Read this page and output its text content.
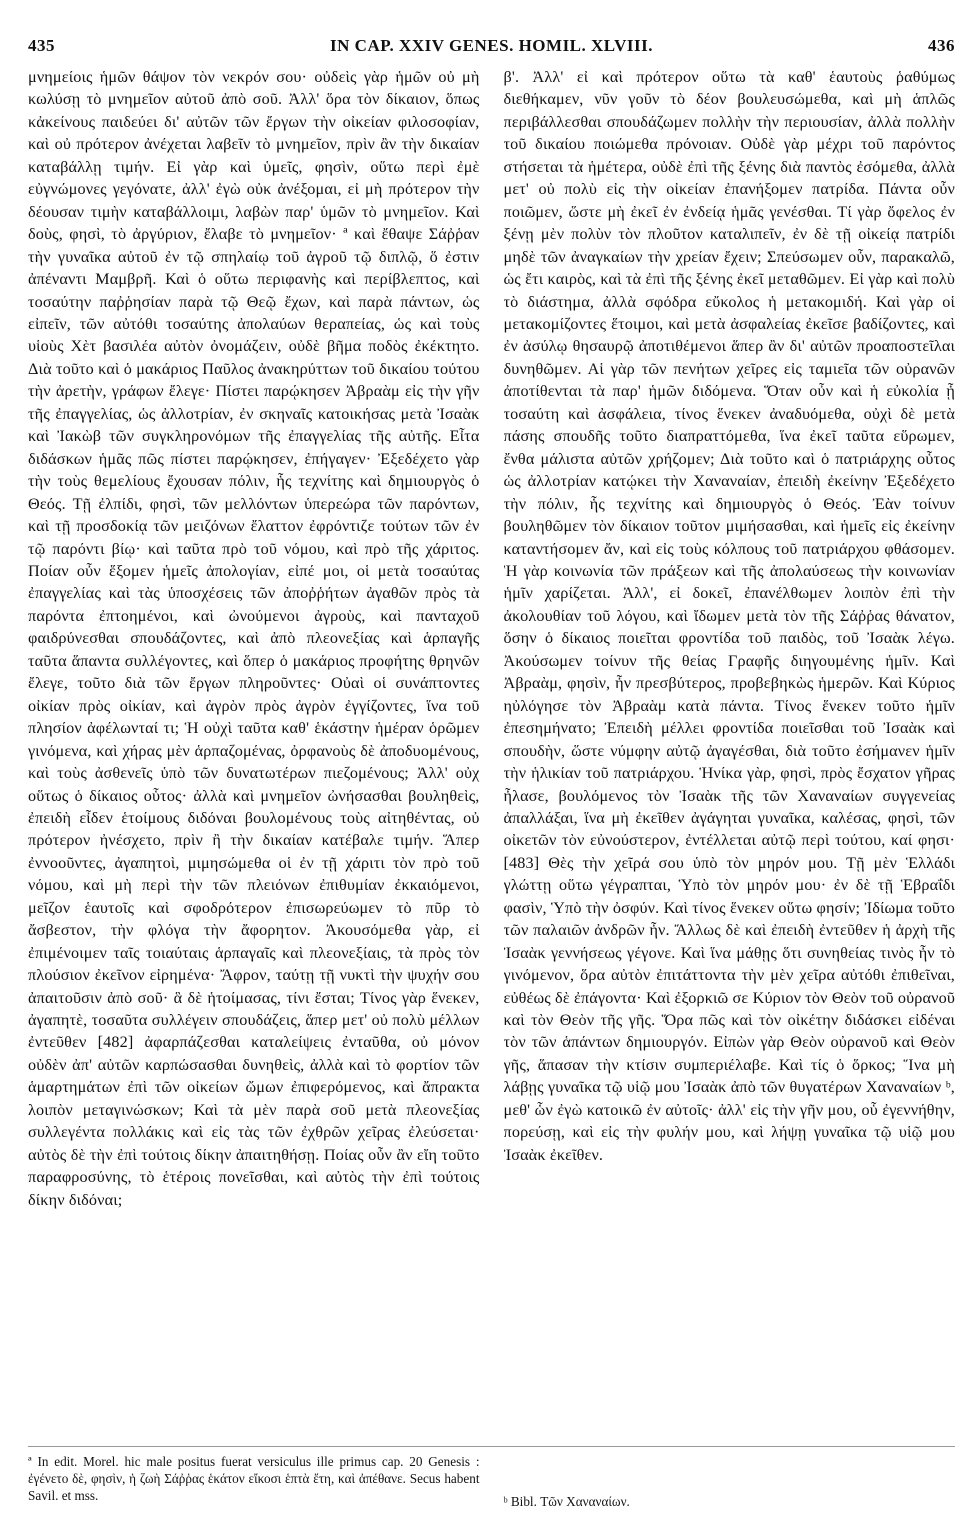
435	IN CAP. XXIV GENES. HOMIL. XLVIII.	436

μνημείοις ἡμῶν θάψον τὸν νεκρόν σου· οὐδεὶς γὰρ ἡμῶν οὐ μὴ κωλύσῃ τὸ μνημεῖον αὐτοῦ ἀπὸ σοῦ. Ἀλλ' ὅρα τὸν δίκαιον, ὅπως κἀκείνους παιδεύει δι' αὐτῶν τῶν ἔργων τὴν οἰκείαν φιλοσοφίαν, καὶ οὐ πρότερον ἀνέχεται λαβεῖν τὸ μνημεῖον, πρὶν ἂν τὴν δικαίαν καταβάλλῃ τιμήν. Εἰ γὰρ καὶ ὑμεῖς, φησὶν, οὕτω περὶ ἐμὲ εὐγνώμονες γεγόνατε, ἀλλ' ἐγὼ οὐκ ἀνέξομαι, εἰ μὴ πρότερον τὴν δέουσαν τιμὴν καταβάλλοιμι, λαβὼν παρ' ὑμῶν τὸ μνημεῖον. Καὶ δοὺς, φησὶ, τὸ ἀργύριον, ἔλαβε τὸ μνημεῖον· ª καὶ ἔθαψε Σάῤῥαν τὴν γυναῖκα αὐτοῦ ἐν τῷ σπηλαίῳ τοῦ ἀγροῦ τῷ διπλῷ, ὅ ἐστιν ἀπέναντι Μαμβρῆ. Καὶ ὁ οὕτω περιφανὴς καὶ περίβλεπτος, καὶ τοσαύτην παῤῥησίαν παρὰ τῷ Θεῷ ἔχων, καὶ παρὰ πάντων, ὡς εἰπεῖν, τῶν αὐτόθι τοσαύτης ἀπολαύων θεραπείας, ὡς καὶ τοὺς υἱοὺς Χὲτ βασιλέα αὐτὸν ὀνομάζειν, οὐδὲ βῆμα ποδὸς ἐκέκτητο. Διὰ τοῦτο καὶ ὁ μακάριος Παῦλος ἀνακηρύττων τοῦ δικαίου τούτου τὴν ἀρετὴν, γράφων ἔλεγε· Πίστει παρῴκησεν Ἀβραὰμ εἰς τὴν γῆν τῆς ἐπαγγελίας, ὡς ἀλλοτρίαν, ἐν σκηναῖς κατοικήσας μετὰ Ἰσαὰκ καὶ Ἰακὼβ τῶν συγκληρονόμων τῆς ἐπαγγελίας τῆς αὐτῆς. Εἶτα διδάσκων ἡμᾶς πῶς πίστει παρῴκησεν, ἐπήγαγεν· Ἐξεδέχετο γὰρ τὴν τοὺς θεμελίους ἔχουσαν πόλιν, ἧς τεχνίτης καὶ δημιουργὸς ὁ Θεός. Τῇ ἐλπίδι, φησὶ, τῶν μελλόντων ὑπερεώρα τῶν παρόντων, καὶ τῇ προσδοκίᾳ τῶν μειζόνων ἔλαττον ἐφρόντιζε τούτων τῶν ἐν τῷ παρόντι βίῳ· καὶ ταῦτα πρὸ τοῦ νόμου, καὶ πρὸ τῆς χάριτος. Ποίαν οὖν ἕξομεν ἡμεῖς ἀπολογίαν, εἰπέ μοι, οἱ μετὰ τοσαύτας ἐπαγγελίας καὶ τὰς ὑποσχέσεις τῶν ἀποῤῥήτων ἀγαθῶν πρὸς τὰ παρόντα ἐπτοημένοι, καὶ ὠνούμενοι ἀγροὺς, καὶ πανταχοῦ φαιδρύνεσθαι σπουδάζοντες, καὶ ἀπὸ πλεονεξίας καὶ ἁρπαγῆς ταῦτα ἅπαντα συλλέγοντες, καὶ ὅπερ ὁ μακάριος προφήτης θρηνῶν ἔλεγε, τοῦτο διὰ τῶν ἔργων πληροῦντες· Οὐαὶ οἱ συνάπτοντες οἰκίαν πρὸς οἰκίαν, καὶ ἀγρὸν πρὸς ἀγρὸν ἐγγίζοντες, ἵνα τοῦ πλησίον ἀφέλωνταί τι; Ἡ οὐχὶ ταῦτα καθ' ἑκάστην ἡμέραν ὁρῶμεν γινόμενα, καὶ χήρας μὲν ἁρπαζομένας, ὀρφανοὺς δὲ ἀποδυομένους, καὶ τοὺς ἀσθενεῖς ὑπὸ τῶν δυνατωτέρων πιεζομένους; Ἀλλ' οὐχ οὕτως ὁ δίκαιος οὗτος· ἀλλὰ καὶ μνημεῖον ὠνήσασθαι βουληθεὶς, ἐπειδὴ εἶδεν ἑτοίμους διδόναι βουλομένους τοὺς αἰτηθέντας, οὐ πρότερον ἠνέσχετο, πρὶν ἢ τὴν δικαίαν κατέβαλε τιμήν. Ἅπερ ἐννοοῦντες, ἀγαπητοὶ, μιμησώμεθα οἱ ἐν τῇ χάριτι τὸν πρὸ τοῦ νόμου, καὶ μὴ περὶ τὴν τῶν πλειόνων ἐπιθυμίαν ἐκκαιόμενοι, μεῖζον ἑαυτοῖς καὶ σφοδρότερον ἐπισωρεύωμεν τὸ πῦρ τὸ ἄσβεστον, τὴν φλόγα τὴν ἄφορητον. Ἀκουσόμεθα γὰρ, εἰ ἐπιμένοιμεν ταῖς τοιαύταις ἁρπαγαῖς καὶ πλεονεξίαις, τὰ πρὸς τὸν πλούσιον ἐκεῖνον εἰρημένα· Ἄφρον, ταύτῃ τῇ νυκτὶ τὴν ψυχήν σου ἀπαιτοῦσιν ἀπὸ σοῦ· ἃ δὲ ἡτοίμασας, τίνι ἔσται; Τίνος γὰρ ἕνεκεν, ἀγαπητὲ, τοσαῦτα συλλέγειν σπουδάζεις, ἅπερ μετ' οὐ πολὺ μέλλων ἐντεῦθεν [482] ἀφαρπάζεσθαι καταλείψεις ἐνταῦθα, οὐ μόνον οὐδὲν ἀπ' αὐτῶν καρπώσασθαι δυνηθεὶς, ἀλλὰ καὶ τὸ φορτίον τῶν ἁμαρτημάτων ἐπὶ τῶν οἰκείων ὤμων ἐπιφερόμενος, καὶ ἄπρακτα λοιπὸν μεταγινώσκων; Καὶ τὰ μὲν παρὰ σοῦ μετὰ πλεονεξίας συλλεγέντα πολλάκις καὶ εἰς τὰς τῶν ἐχθρῶν χεῖρας ἐλεύσεται· αὐτὸς δὲ τὴν ἐπὶ τούτοις δίκην ἀπαιτηθήσῃ. Ποίας οὖν ἂν εἴη τοῦτο παραφροσύνης, τὸ ἑτέροις πονεῖσθαι, καὶ αὐτὸς τὴν ἐπὶ τούτοις δίκην διδόναι;

β'. Ἀλλ' εἰ καὶ πρότερον οὕτω τὰ καθ' ἑαυτοὺς ῥαθύμως διεθήκαμεν, νῦν γοῦν τὸ δέον βουλευσώμεθα, καὶ μὴ ἁπλῶς περιβάλλεσθαι σπουδάζωμεν πολλὴν τὴν περιουσίαν, ἀλλὰ πολλὴν τοῦ δικαίου ποιώμεθα πρόνοιαν. Οὐδὲ γὰρ μέχρι τοῦ παρόντος στήσεται τὰ ἡμέτερα, οὐδὲ ἐπὶ τῆς ξένης διὰ παντὸς ἐσόμεθα, ἀλλὰ μετ' οὐ πολὺ εἰς τὴν οἰκείαν ἐπανήξομεν πατρίδα. Πάντα οὖν ποιῶμεν, ὥστε μὴ ἐκεῖ ἐν ἐνδείᾳ ἡμᾶς γενέσθαι. Τί γὰρ ὄφελος ἐν ξένῃ μὲν πολὺν τὸν πλοῦτον καταλιπεῖν, ἐν δὲ τῇ οἰκείᾳ πατρίδι μηδὲ τῶν ἀναγκαίων τὴν χρείαν ἔχειν; Σπεύσωμεν οὖν, παρακαλῶ, ὡς ἔτι καιρὸς, καὶ τὰ ἐπὶ τῆς ξένης ἐκεῖ μεταθῶμεν. Εἰ γὰρ καὶ πολὺ τὸ διάστημα, ἀλλὰ σφόδρα εὔκολος ἡ μετακομιδή. Καὶ γὰρ οἱ μετακομίζοντες ἕτοιμοι, καὶ μετὰ ἀσφαλείας ἐκεῖσε βαδίζοντες, καὶ ἐν ἀσύλῳ θησαυρῷ ἀποτιθέμενοι ἅπερ ἂν δι' αὐτῶν προαποστεῖλαι δυνηθῶμεν. Αἱ γὰρ τῶν πενήτων χεῖρες εἰς ταμιεῖα τῶν οὐρανῶν ἀποτίθενται τὰ παρ' ἡμῶν διδόμενα. Ὅταν οὖν καὶ ἡ εὐκολία ᾖ τοσαύτη καὶ ἀσφάλεια, τίνος ἕνεκεν ἀναδυόμεθα, οὐχὶ δὲ μετὰ πάσης σπουδῆς τοῦτο διαπραττόμεθα, ἵνα ἐκεῖ ταῦτα εὕρωμεν, ἔνθα μάλιστα αὐτῶν χρήζομεν; Διὰ τοῦτο καὶ ὁ πατριάρχης οὗτος ὡς ἀλλοτρίαν κατῴκει τὴν Χαναναίαν, ἐπειδὴ ἐκείνην Ἐξεδέχετο τὴν πόλιν, ἧς τεχνίτης καὶ δημιουργὸς ὁ Θεός. Ἐὰν τοίνυν βουληθῶμεν τὸν δίκαιον τοῦτον μιμήσασθαι, καὶ ἡμεῖς εἰς ἐκείνην καταντήσομεν ἄν, καὶ εἰς τοὺς κόλπους τοῦ πατριάρχου φθάσομεν. Ἡ γὰρ κοινωνία τῶν πράξεων καὶ τῆς ἀπολαύσεως τὴν κοινωνίαν ἡμῖν χαρίζεται. Ἀλλ', εἰ δοκεῖ, ἐπανέλθωμεν λοιπὸν ἐπὶ τὴν ἀκολουθίαν τοῦ λόγου, καὶ ἴδωμεν μετὰ τὸν τῆς Σάῤῥας θάνατον, ὅσην ὁ δίκαιος ποιεῖται φροντίδα τοῦ παιδὸς, τοῦ Ἰσαὰκ λέγω. Ἀκούσωμεν τοίνυν τῆς θείας Γραφῆς διηγουμένης ἡμῖν. Καὶ Ἀβραὰμ, φησὶν, ἦν πρεσβύτερος, προβεβηκὼς ἡμερῶν. Καὶ Κύριος ηὐλόγησε τὸν Ἀβραὰμ κατὰ πάντα. Τίνος ἕνεκεν τοῦτο ἡμῖν ἐπεσημήνατο; Ἐπειδὴ μέλλει φροντίδα ποιεῖσθαι τοῦ Ἰσαὰκ καὶ σπουδὴν, ὥστε νύμφην αὐτῷ ἀγαγέσθαι, διὰ τοῦτο ἐσήμανεν ἡμῖν τὴν ἡλικίαν τοῦ πατριάρχου. Ἡνίκα γὰρ, φησὶ, πρὸς ἔσχατον γῆρας ἦλασε, βουλόμενος τὸν Ἰσαὰκ τῆς τῶν Χαναναίων συγγενείας ἀπαλλάξαι, ἵνα μὴ ἐκεῖθεν ἀγάγηται γυναῖκα, καλέσας, φησὶ, τῶν οἰκετῶν τὸν εὐνούστερον, ἐντέλλεται αὐτῷ περὶ τούτου, καί φησι· [483] Θὲς τὴν χεῖρά σου ὑπὸ τὸν μηρόν μου. Τῇ μὲν Ἑλλάδι γλώττῃ οὕτω γέγραπται, Ὑπὸ τὸν μηρόν μου· ἐν δὲ τῇ Ἑβραΐδι φασὶν, Ὑπὸ τὴν ὀσφύν. Καὶ τίνος ἕνεκεν οὕτω φησίν; Ἰδίωμα τοῦτο τῶν παλαιῶν ἀνδρῶν ἦν. Ἄλλως δὲ καὶ ἐπειδὴ ἐντεῦθεν ἡ ἀρχὴ τῆς Ἰσαὰκ γεννήσεως γέγονε. Καὶ ἵνα μάθῃς ὅτι συνηθείας τινὸς ἦν τὸ γινόμενον, ὅρα αὐτὸν ἐπιτάττοντα τὴν μὲν χεῖρα αὐτόθι ἐπιθεῖναι, εὐθέως δὲ ἐπάγοντα· Καὶ ἐξορκιῶ σε Κύριον τὸν Θεὸν τοῦ οὐρανοῦ καὶ τὸν Θεὸν τῆς γῆς. Ὅρα πῶς καὶ τὸν οἰκέτην διδάσκει εἰδέναι τὸν τῶν ἁπάντων δημιουργόν. Εἰπὼν γὰρ Θεὸν οὐρανοῦ καὶ Θεὸν γῆς, ἅπασαν τὴν κτίσιν συμπεριέλαβε. Καὶ τίς ὁ ὅρκος; Ἵνα μὴ λάβῃς γυναῖκα τῷ υἱῷ μου Ἰσαὰκ ἀπὸ τῶν θυγατέρων Χαναναίων ᵇ, μεθ' ὧν ἐγὼ κατοικῶ ἐν αὐτοῖς· ἀλλ' εἰς τὴν γῆν μου, οὗ ἐγεννήθην, πορεύσῃ, καὶ εἰς τὴν φυλήν μου, καὶ λήψῃ γυναῖκα τῷ υἱῷ μου Ἰσαὰκ ἐκεῖθεν.

ª In edit. Morel. hic male positus fuerat versiculus ille primus cap. 20 Genesis : ἐγένετο δὲ, φησὶν, ἡ ζωὴ Σάῤῥας ἑκάτον εἴκοσι ἑπτὰ ἔτη, καὶ ἀπέθανε. Secus habent Savil. et mss.	ᵇ Bibl. Τῶν Χαναναίων.
